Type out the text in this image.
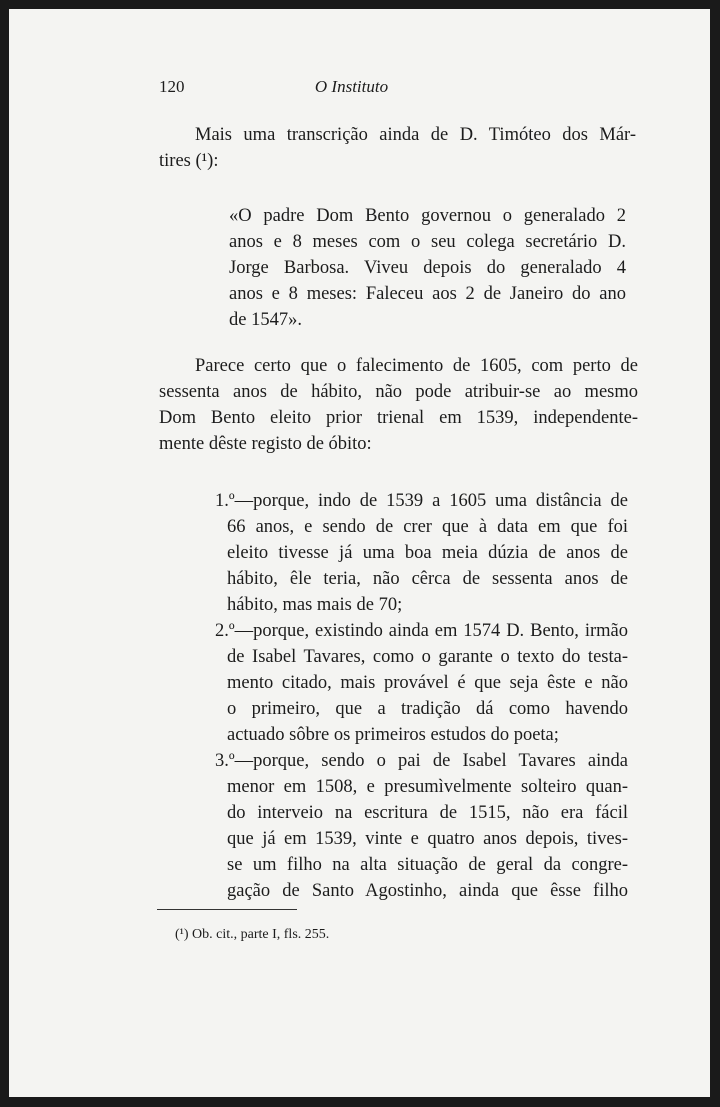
120	O Instituto
Mais uma transcrição ainda de D. Timóteo dos Már-
tires (¹):
«O padre Dom Bento governou o generalado 2
anos e 8 meses com o seu colega secretário D.
Jorge Barbosa. Viveu depois do generalado 4
anos e 8 meses: Faleceu aos 2 de Janeiro do ano
de 1547».
Parece certo que o falecimento de 1605, com perto de
sessenta anos de hábito, não pode atribuir-se ao mesmo
Dom Bento eleito prior trienal em 1539, independente-
mente dêste registo de óbito:
1.º—porque, indo de 1539 a 1605 uma distância de
66 anos, e sendo de crer que à data em que foi
eleito tivesse já uma boa meia dúzia de anos de
hábito, êle teria, não cêrca de sessenta anos de
hábito, mas mais de 70;
2.º—porque, existindo ainda em 1574 D. Bento, irmão
de Isabel Tavares, como o garante o texto do testa-
mento citado, mais provável é que seja êste e não
o primeiro, que a tradição dá como havendo
actuado sôbre os primeiros estudos do poeta;
3.º—porque, sendo o pai de Isabel Tavares ainda
menor em 1508, e presumìvelmente solteiro quan-
do interveio na escritura de 1515, não era fácil
que já em 1539, vinte e quatro anos depois, tives-
se um filho na alta situação de geral da congre-
gação de Santo Agostinho, ainda que êsse filho
(¹) Ob. cit., parte I, fls. 255.
